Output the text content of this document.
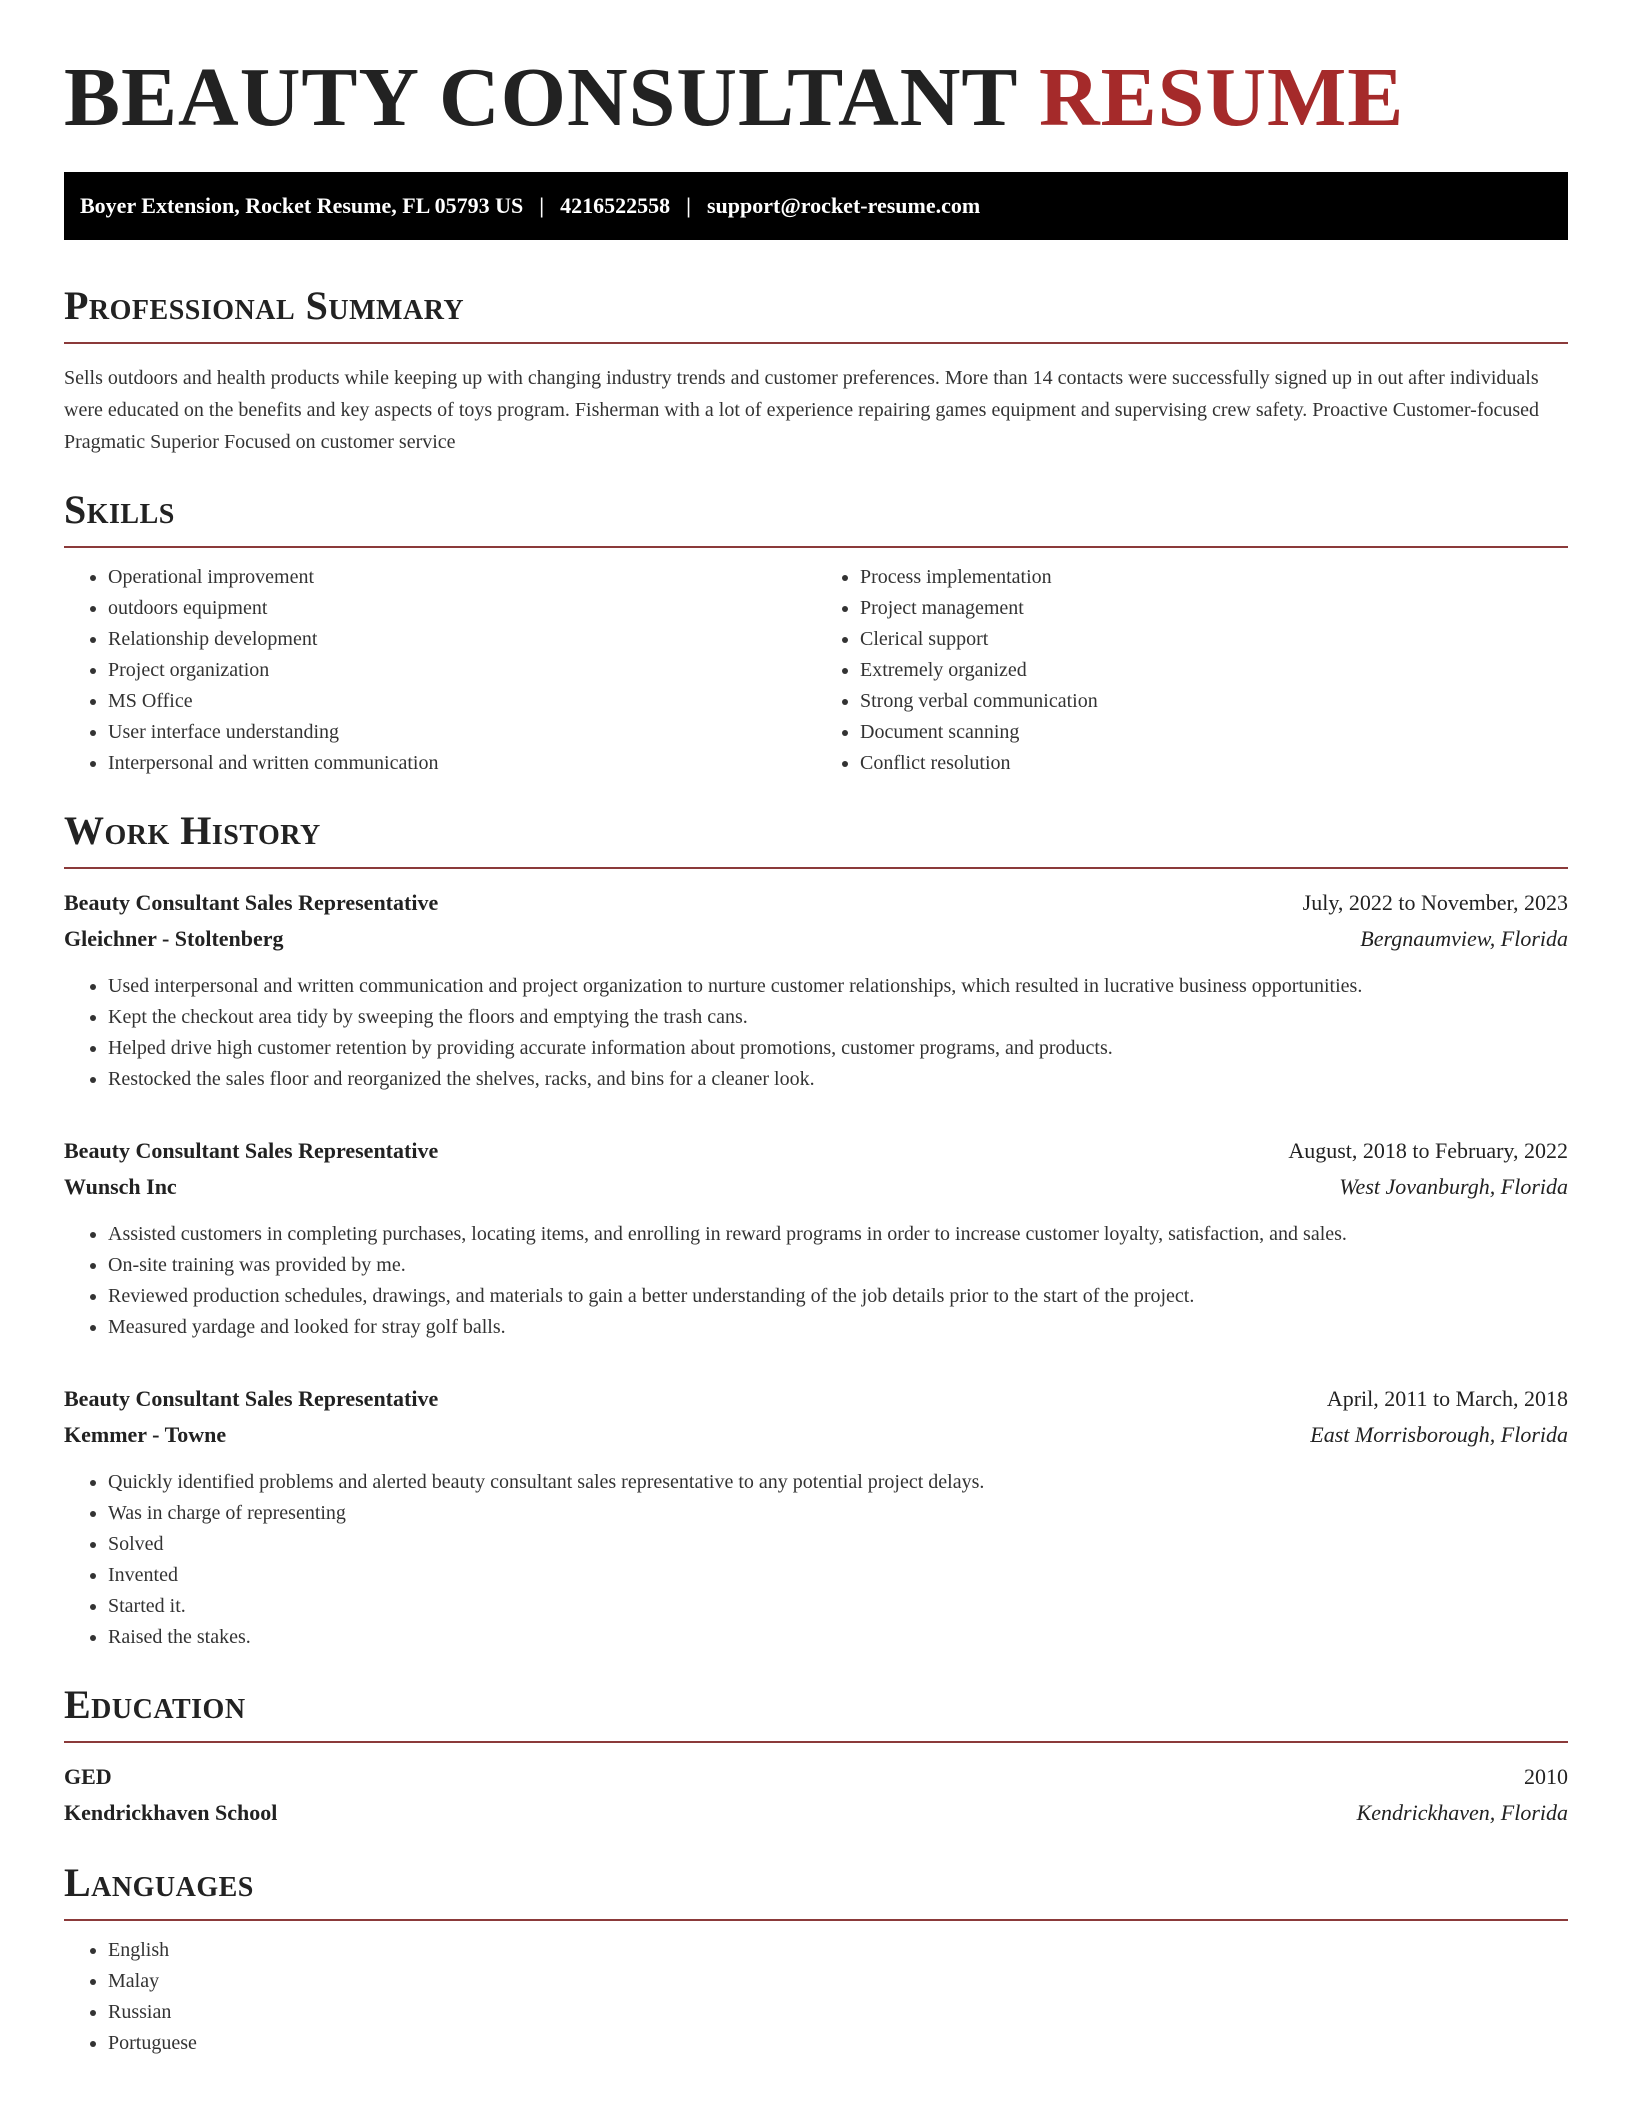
BEAUTY CONSULTANT RESUME
Boyer Extension, Rocket Resume, FL 05793 US | 4216522558 | support@rocket-resume.com
Professional Summary
Sells outdoors and health products while keeping up with changing industry trends and customer preferences. More than 14 contacts were successfully signed up in out after individuals were educated on the benefits and key aspects of toys program. Fisherman with a lot of experience repairing games equipment and supervising crew safety. Proactive Customer-focused Pragmatic Superior Focused on customer service
Skills
• Operational improvement
• outdoors equipment
• Relationship development
• Project organization
• MS Office
• User interface understanding
• Interpersonal and written communication
• Process implementation
• Project management
• Clerical support
• Extremely organized
• Strong verbal communication
• Document scanning
• Conflict resolution
Work History
Beauty Consultant Sales Representative	July, 2022 to November, 2023
Gleichner - Stoltenberg	Bergnaumview, Florida
• Used interpersonal and written communication and project organization to nurture customer relationships, which resulted in lucrative business opportunities.
• Kept the checkout area tidy by sweeping the floors and emptying the trash cans.
• Helped drive high customer retention by providing accurate information about promotions, customer programs, and products.
• Restocked the sales floor and reorganized the shelves, racks, and bins for a cleaner look.
Beauty Consultant Sales Representative	August, 2018 to February, 2022
Wunsch Inc	West Jovanburgh, Florida
• Assisted customers in completing purchases, locating items, and enrolling in reward programs in order to increase customer loyalty, satisfaction, and sales.
• On-site training was provided by me.
• Reviewed production schedules, drawings, and materials to gain a better understanding of the job details prior to the start of the project.
• Measured yardage and looked for stray golf balls.
Beauty Consultant Sales Representative	April, 2011 to March, 2018
Kemmer - Towne	East Morrisborough, Florida
• Quickly identified problems and alerted beauty consultant sales representative to any potential project delays.
• Was in charge of representing
• Solved
• Invented
• Started it.
• Raised the stakes.
Education
GED	2010
Kendrickhaven School	Kendrickhaven, Florida
Languages
• English
• Malay
• Russian
• Portuguese
